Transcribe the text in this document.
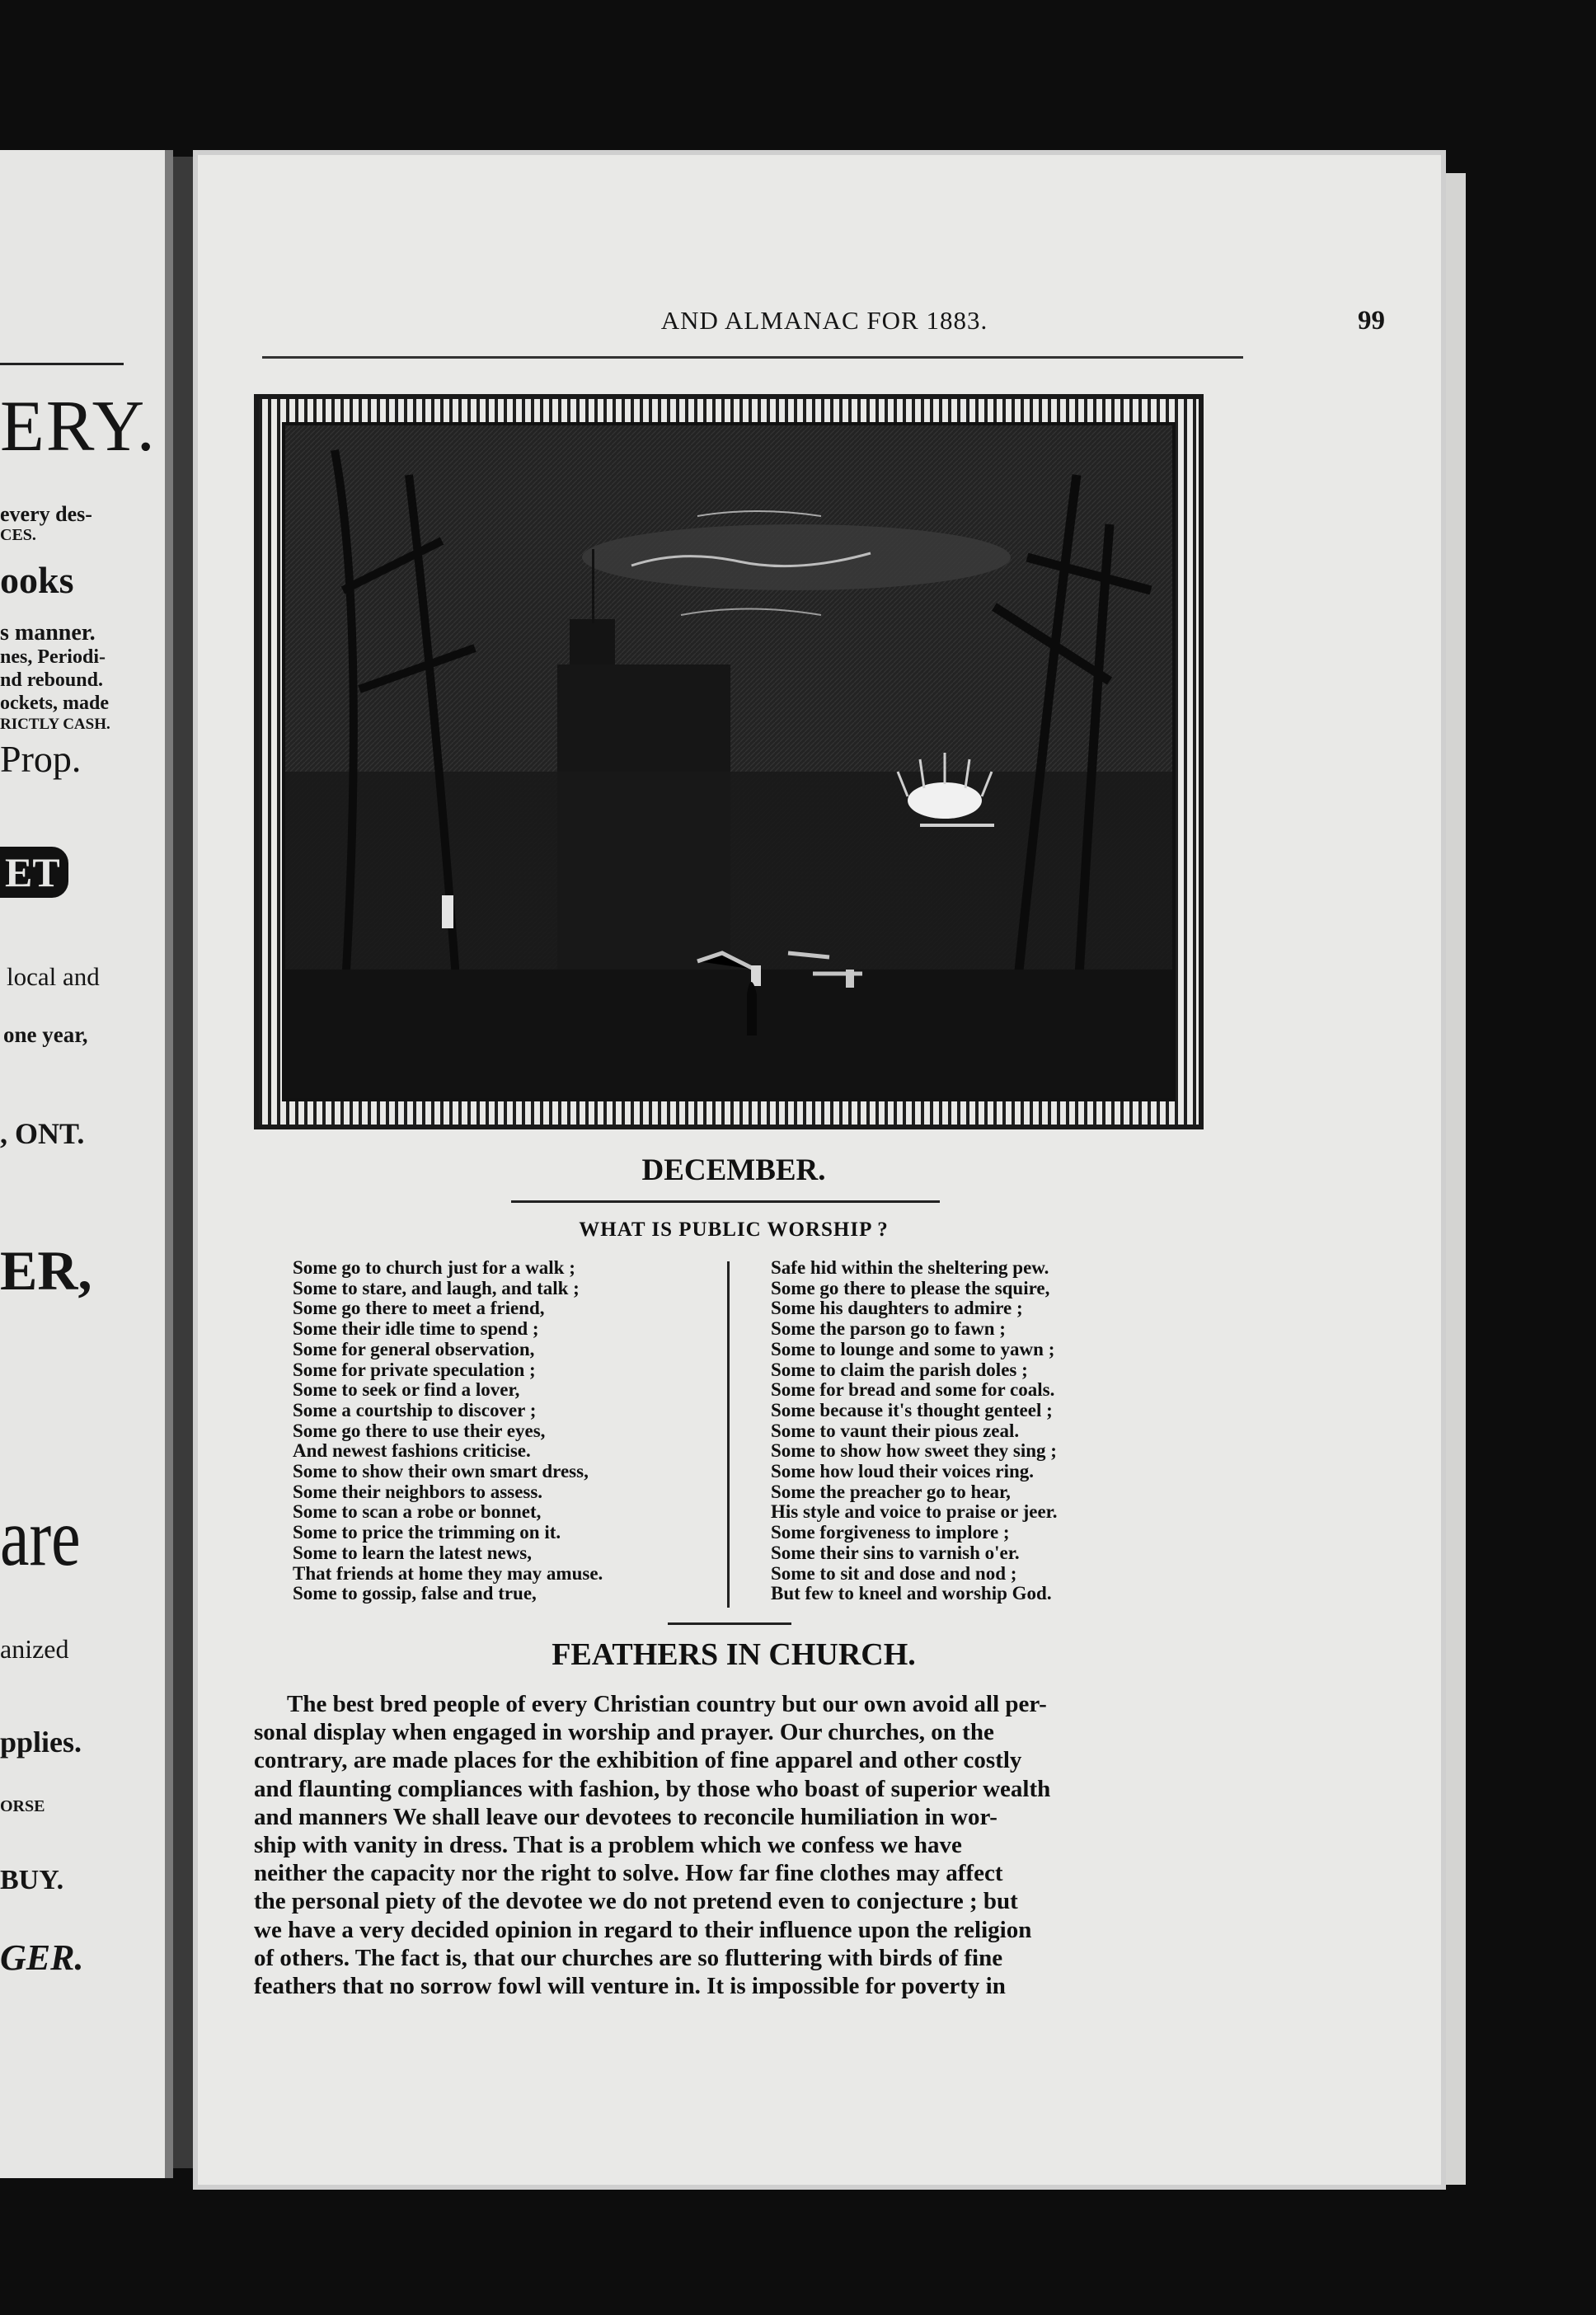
ERY.
every des-
CES.
ooks
s manner.
nes, Periodi-
nd rebound.
ockets, made
RICTLY CASH.
Prop.
ET
local and
one year,
, ONT.
ER,
are
anized
pplies.
ORSE
BUY.
GER.
AND ALMANAC FOR 1883.	99
DECEMBER.
WHAT IS PUBLIC WORSHIP ?
Some go to church just for a walk ;
Some to stare, and laugh, and talk ;
Some go there to meet a friend,
Some their idle time to spend ;
Some for general observation,
Some for private speculation ;
Some to seek or find a lover,
Some a courtship to discover ;
Some go there to use their eyes,
And newest fashions criticise.
Some to show their own smart dress,
Some their neighbors to assess.
Some to scan a robe or bonnet,
Some to price the trimming on it.
Some to learn the latest news,
That friends at home they may amuse.
Some to gossip, false and true,
Safe hid within the sheltering pew.
Some go there to please the squire,
Some his daughters to admire ;
Some the parson go to fawn ;
Some to lounge and some to yawn ;
Some to claim the parish doles ;
Some for bread and some for coals.
Some because it's thought genteel ;
Some to vaunt their pious zeal.
Some to show how sweet they sing ;
Some how loud their voices ring.
Some the preacher go to hear,
His style and voice to praise or jeer.
Some forgiveness to implore ;
Some their sins to varnish o'er.
Some to sit and dose and nod ;
But few to kneel and worship God.
FEATHERS IN CHURCH.
The best bred people of every Christian country but our own avoid all per-
sonal display when engaged in worship and prayer. Our churches, on the
contrary, are made places for the exhibition of fine apparel and other costly
and flaunting compliances with fashion, by those who boast of superior wealth
and manners We shall leave our devotees to reconcile humiliation in wor-
ship with vanity in dress. That is a problem which we confess we have
neither the capacity nor the right to solve. How far fine clothes may affect
the personal piety of the devotee we do not pretend even to conjecture ; but
we have a very decided opinion in regard to their influence upon the religion
of others. The fact is, that our churches are so fluttering with birds of fine
feathers that no sorrow fowl will venture in. It is impossible for poverty in
